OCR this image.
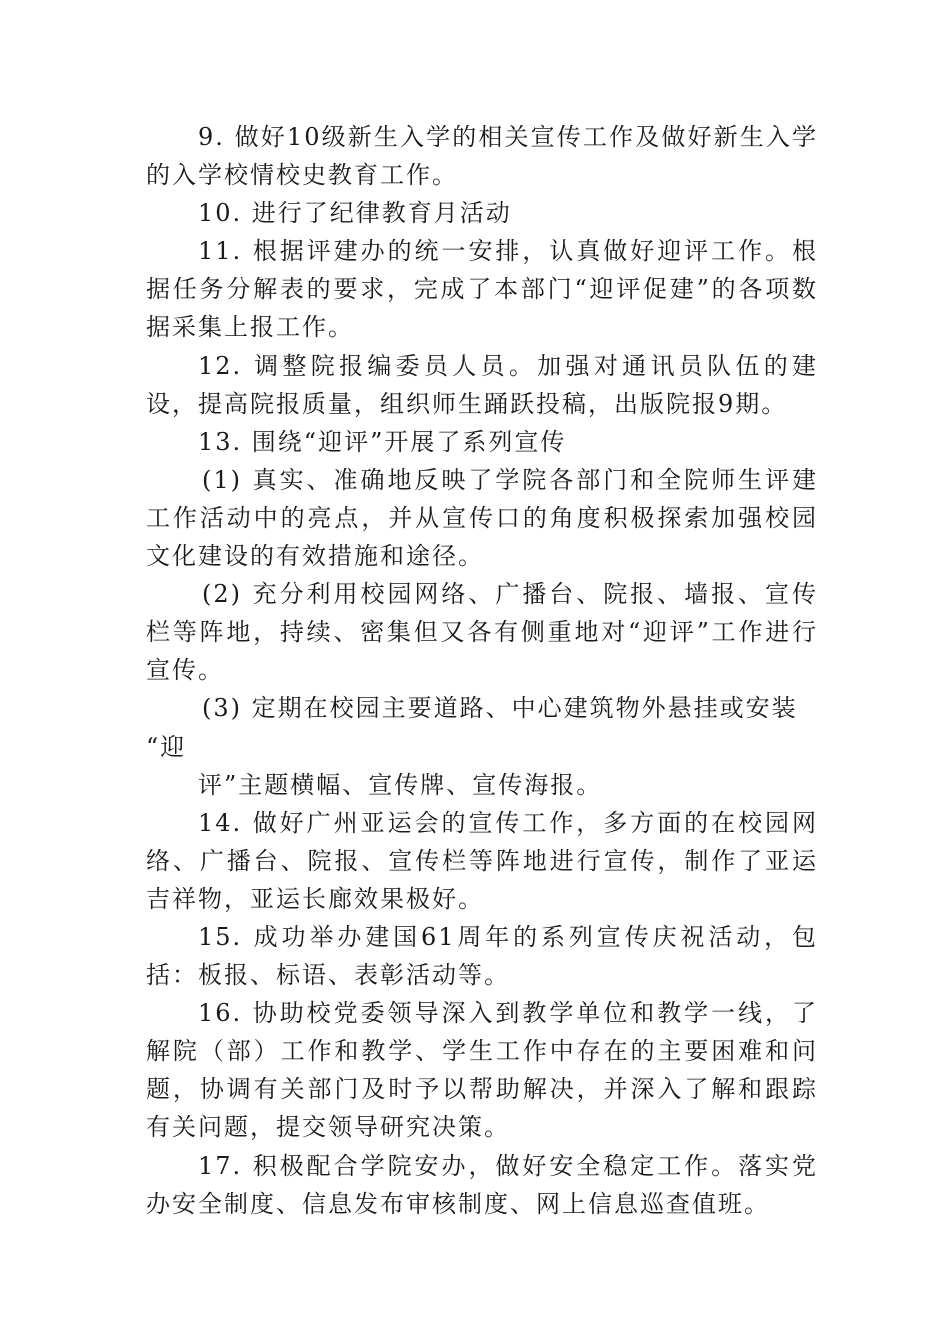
9. 做好10级新生入学的相关宣传工作及做好新生入学的入学校情校史教育工作。

10. 进行了纪律教育月活动

11. 根据评建办的统一安排，认真做好迎评工作。根据任务分解表的要求，完成了本部门“迎评促建”的各项数据采集上报工作。

12. 调整院报编委员人员。加强对通讯员队伍的建设，提高院报质量，组织师生踊跃投稿，出版院报9期。

13. 围绕“迎评”开展了系列宣传

(1) 真实、准确地反映了学院各部门和全院师生评建工作活动中的亮点，并从宣传口的角度积极探索加强校园文化建设的有效措施和途径。

(2) 充分利用校园网络、广播台、院报、墙报、宣传栏等阵地，持续、密集但又各有侧重地对“迎评”工作进行宣传。

(3) 定期在校园主要道路、中心建筑物外悬挂或安装
“迎
评”主题横幅、宣传牌、宣传海报。

14. 做好广州亚运会的宣传工作，多方面的在校园网络、广播台、院报、宣传栏等阵地进行宣传，制作了亚运吉祥物，亚运长廊效果极好。

15. 成功举办建国61周年的系列宣传庆祝活动，包括：板报、标语、表彰活动等。

16. 协助校党委领导深入到教学单位和教学一线，了解院（部）工作和教学、学生工作中存在的主要困难和问题，协调有关部门及时予以帮助解决，并深入了解和跟踪有关问题，提交领导研究决策。

17. 积极配合学院安办，做好安全稳定工作。落实党办安全制度、信息发布审核制度、网上信息巡查值班。
